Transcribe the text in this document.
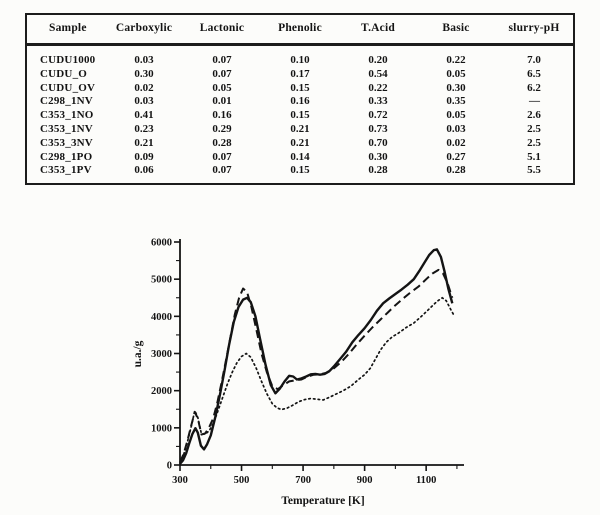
Sample	Carboxylic	Lactonic	Phenolic	T.Acid	Basic	slurry-pH
CUDU1000	0.03	0.07	0.10	0.20	0.22	7.0
CUDU_O	0.30	0.07	0.17	0.54	0.05	6.5
CUDU_OV	0.02	0.05	0.15	0.22	0.30	6.2
C298_1NV	0.03	0.01	0.16	0.33	0.35	—
C353_1NO	0.41	0.16	0.15	0.72	0.05	2.6
C353_1NV	0.23	0.29	0.21	0.73	0.03	2.5
C353_3NV	0.21	0.28	0.21	0.70	0.02	2.5
C298_1PO	0.09	0.07	0.14	0.30	0.27	5.1
C353_1PV	0.06	0.07	0.15	0.28	0.28	5.5
300	500	700	900	1100
0
1000
2000
3000
4000
5000
6000
Temperature [K]
u.a./g
